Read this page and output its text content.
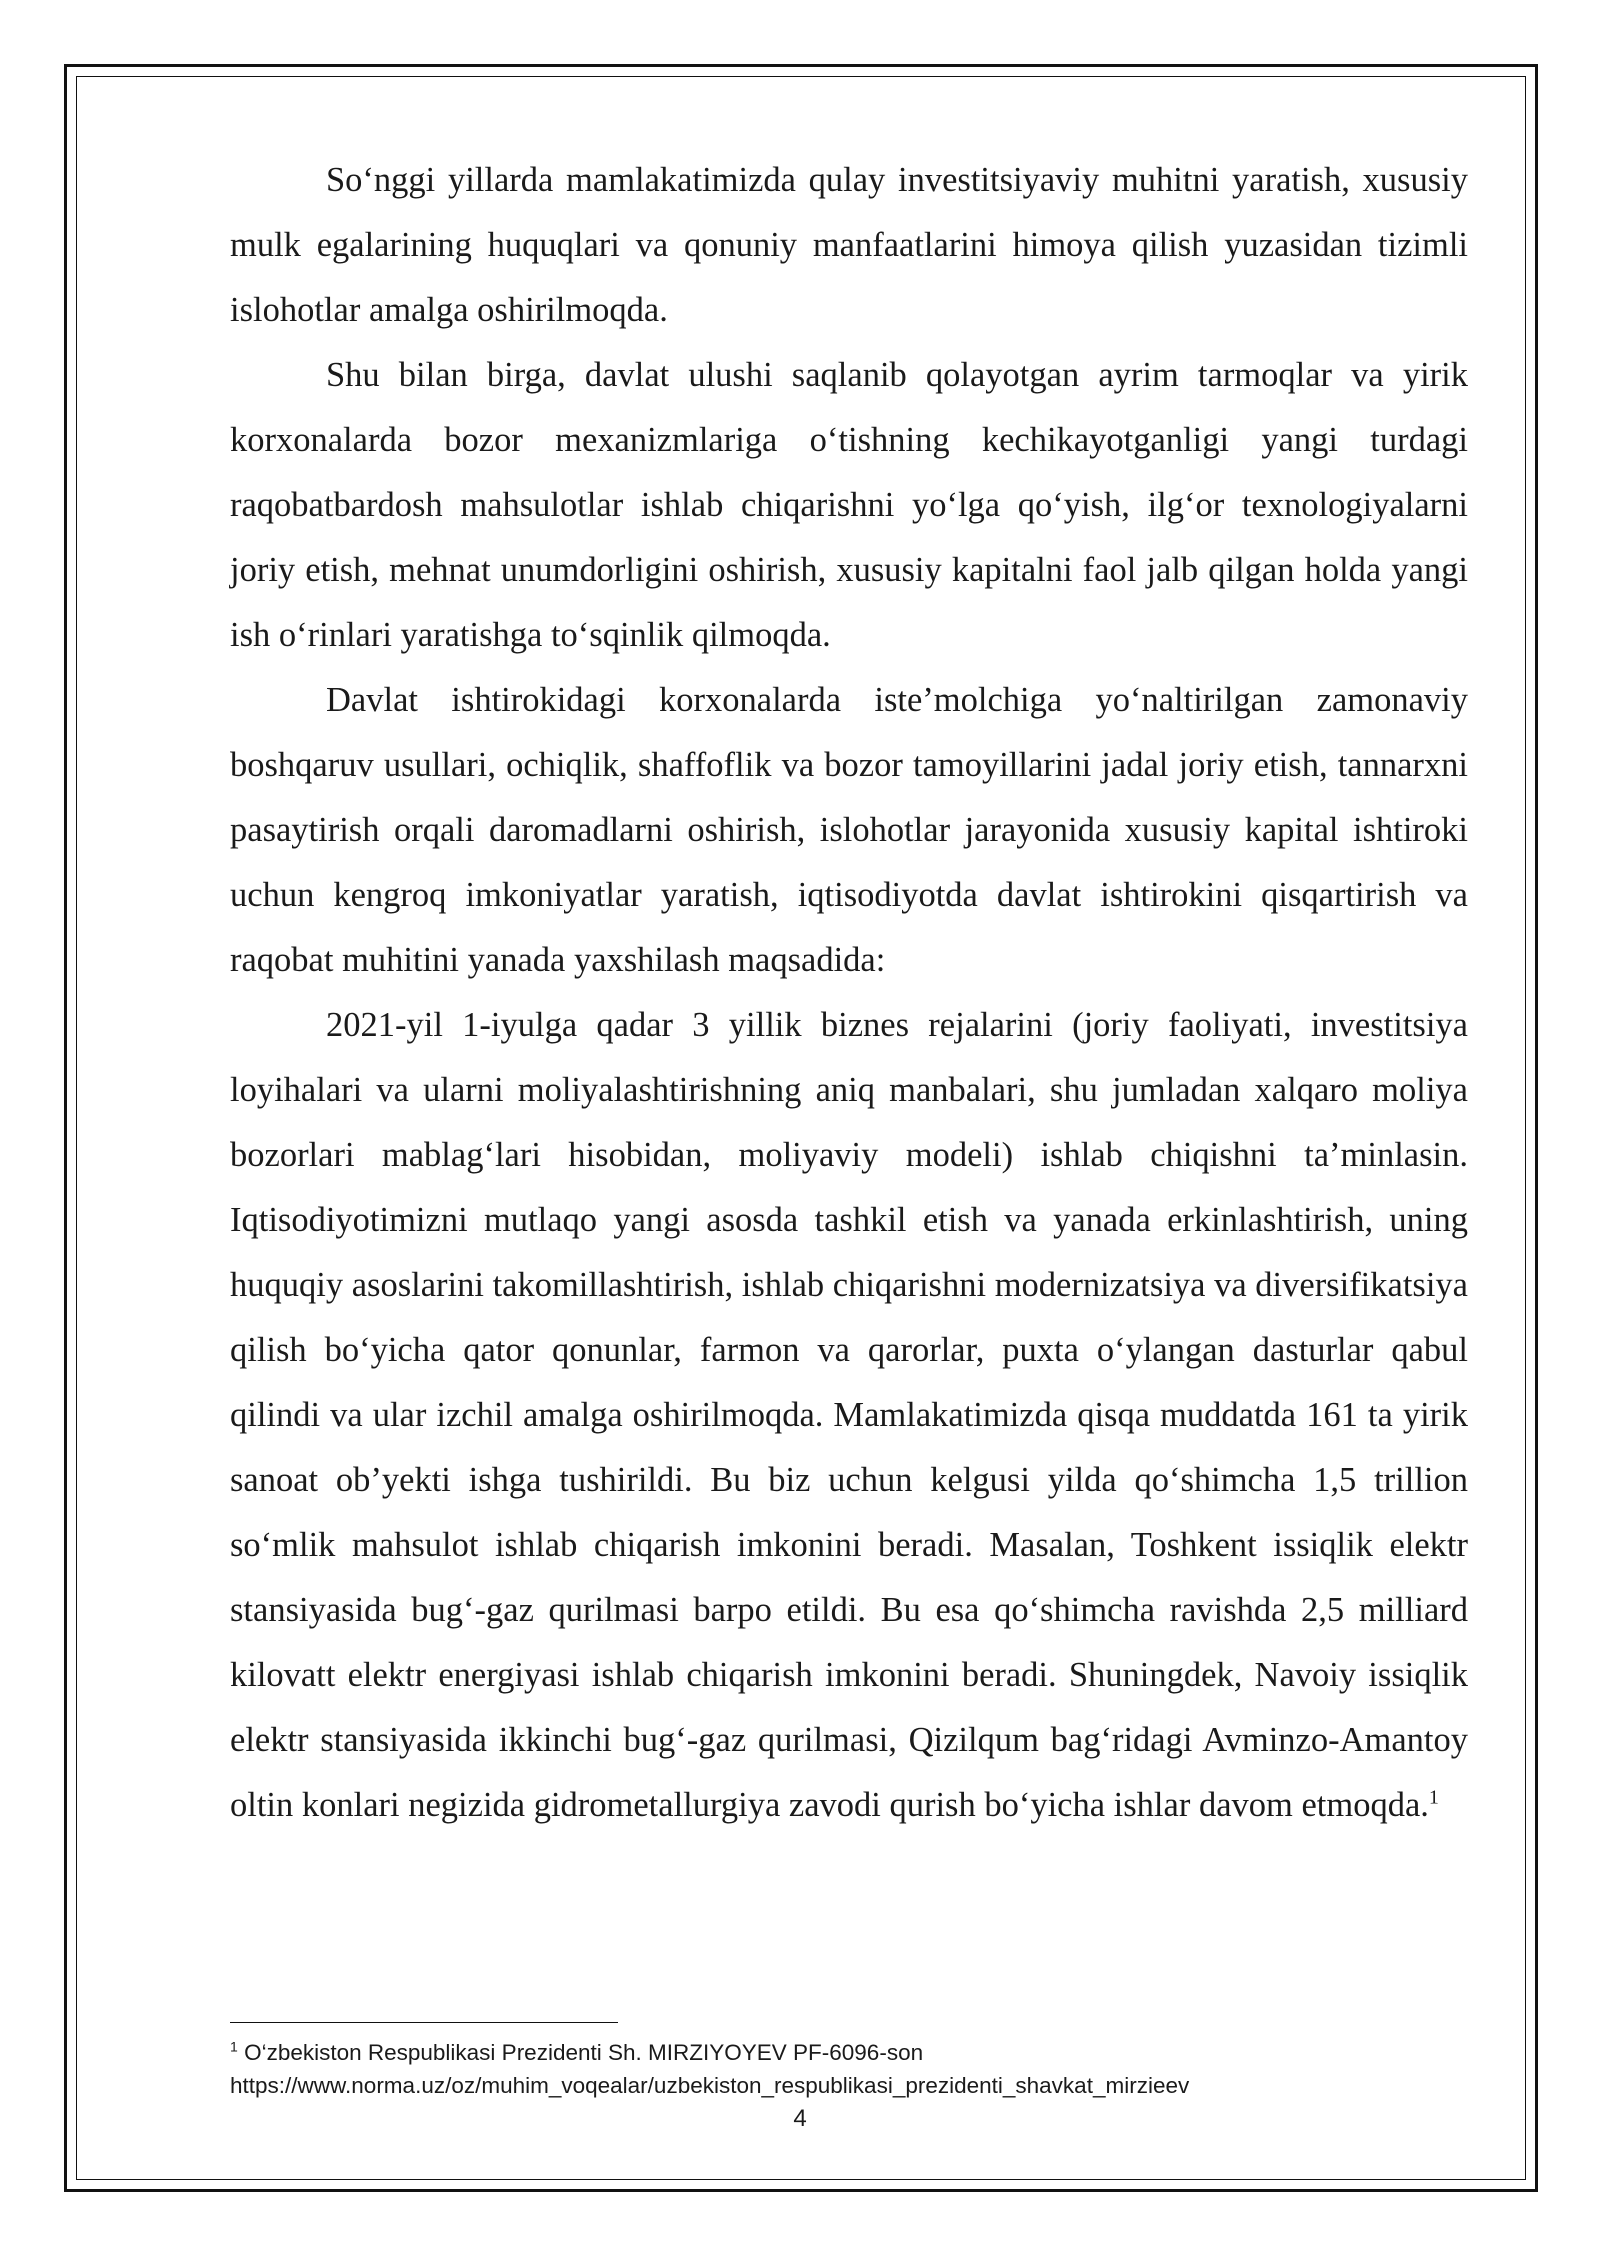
So‘nggi yillarda mamlakatimizda qulay investitsiyaviy muhitni yaratish, xususiy mulk egalarining huquqlari va qonuniy manfaatlarini himoya qilish yuzasidan tizimli islohotlar amalga oshirilmoqda.

Shu bilan birga, davlat ulushi saqlanib qolayotgan ayrim tarmoqlar va yirik korxonalarda bozor mexanizmlariga o‘tishning kechikayotganligi yangi turdagi raqobatbardosh mahsulotlar ishlab chiqarishni yo‘lga qo‘yish, ilg‘or texnologiyalarni joriy etish, mehnat unumdorligini oshirish, xususiy kapitalni faol jalb qilgan holda yangi ish o‘rinlari yaratishga to‘sqinlik qilmoqda.

Davlat ishtirokidagi korxonalarda iste’molchiga yo‘naltirilgan zamonaviy boshqaruv usullari, ochiqlik, shaffoflik va bozor tamoyillarini jadal joriy etish, tannarxni pasaytirish orqali daromadlarni oshirish, islohotlar jarayonida xususiy kapital ishtiroki uchun kengroq imkoniyatlar yaratish, iqtisodiyotda davlat ishtirokini qisqartirish va raqobat muhitini yanada yaxshilash maqsadida:

2021-yil 1-iyulga qadar 3 yillik biznes rejalarini (joriy faoliyati, investitsiya loyihalari va ularni moliyalashtirishning aniq manbalari, shu jumladan xalqaro moliya bozorlari mablag‘lari hisobidan, moliyaviy modeli) ishlab chiqishni ta’minlasin. Iqtisodiyotimizni mutlaqo yangi asosda tashkil etish va yanada erkinlashtirish, uning huquqiy asoslarini takomillashtirish, ishlab chiqarishni modernizatsiya va diversifikatsiya qilish bo‘yicha qator qonunlar, farmon va qarorlar, puxta o‘ylangan dasturlar qabul qilindi va ular izchil amalga oshirilmoqda. Mamlakatimizda qisqa muddatda 161 ta yirik sanoat ob’yekti ishga tushirildi. Bu biz uchun kelgusi yilda qo‘shimcha 1,5 trillion so‘mlik mahsulot ishlab chiqarish imkonini beradi. Masalan, Toshkent issiqlik elektr stansiyasida bug‘-gaz qurilmasi barpo etildi. Bu esa qo‘shimcha ravishda 2,5 milliard kilovatt elektr energiyasi ishlab chiqarish imkonini beradi. Shuningdek, Navoiy issiqlik elektr stansiyasida ikkinchi bug‘-gaz qurilmasi, Qizilqum bag‘ridagi Avminzo-Amantoy oltin konlari negizida gidrometallurgiya zavodi qurish bo‘yicha ishlar davom etmoqda.$^1$

$^1$ O‘zbekiston Respublikasi Prezidenti Sh. MIRZIYOYEV PF-6096-son
https://www.norma.uz/oz/muhim_voqealar/uzbekiston_respublikasi_prezidenti_shavkat_mirzieev
4
